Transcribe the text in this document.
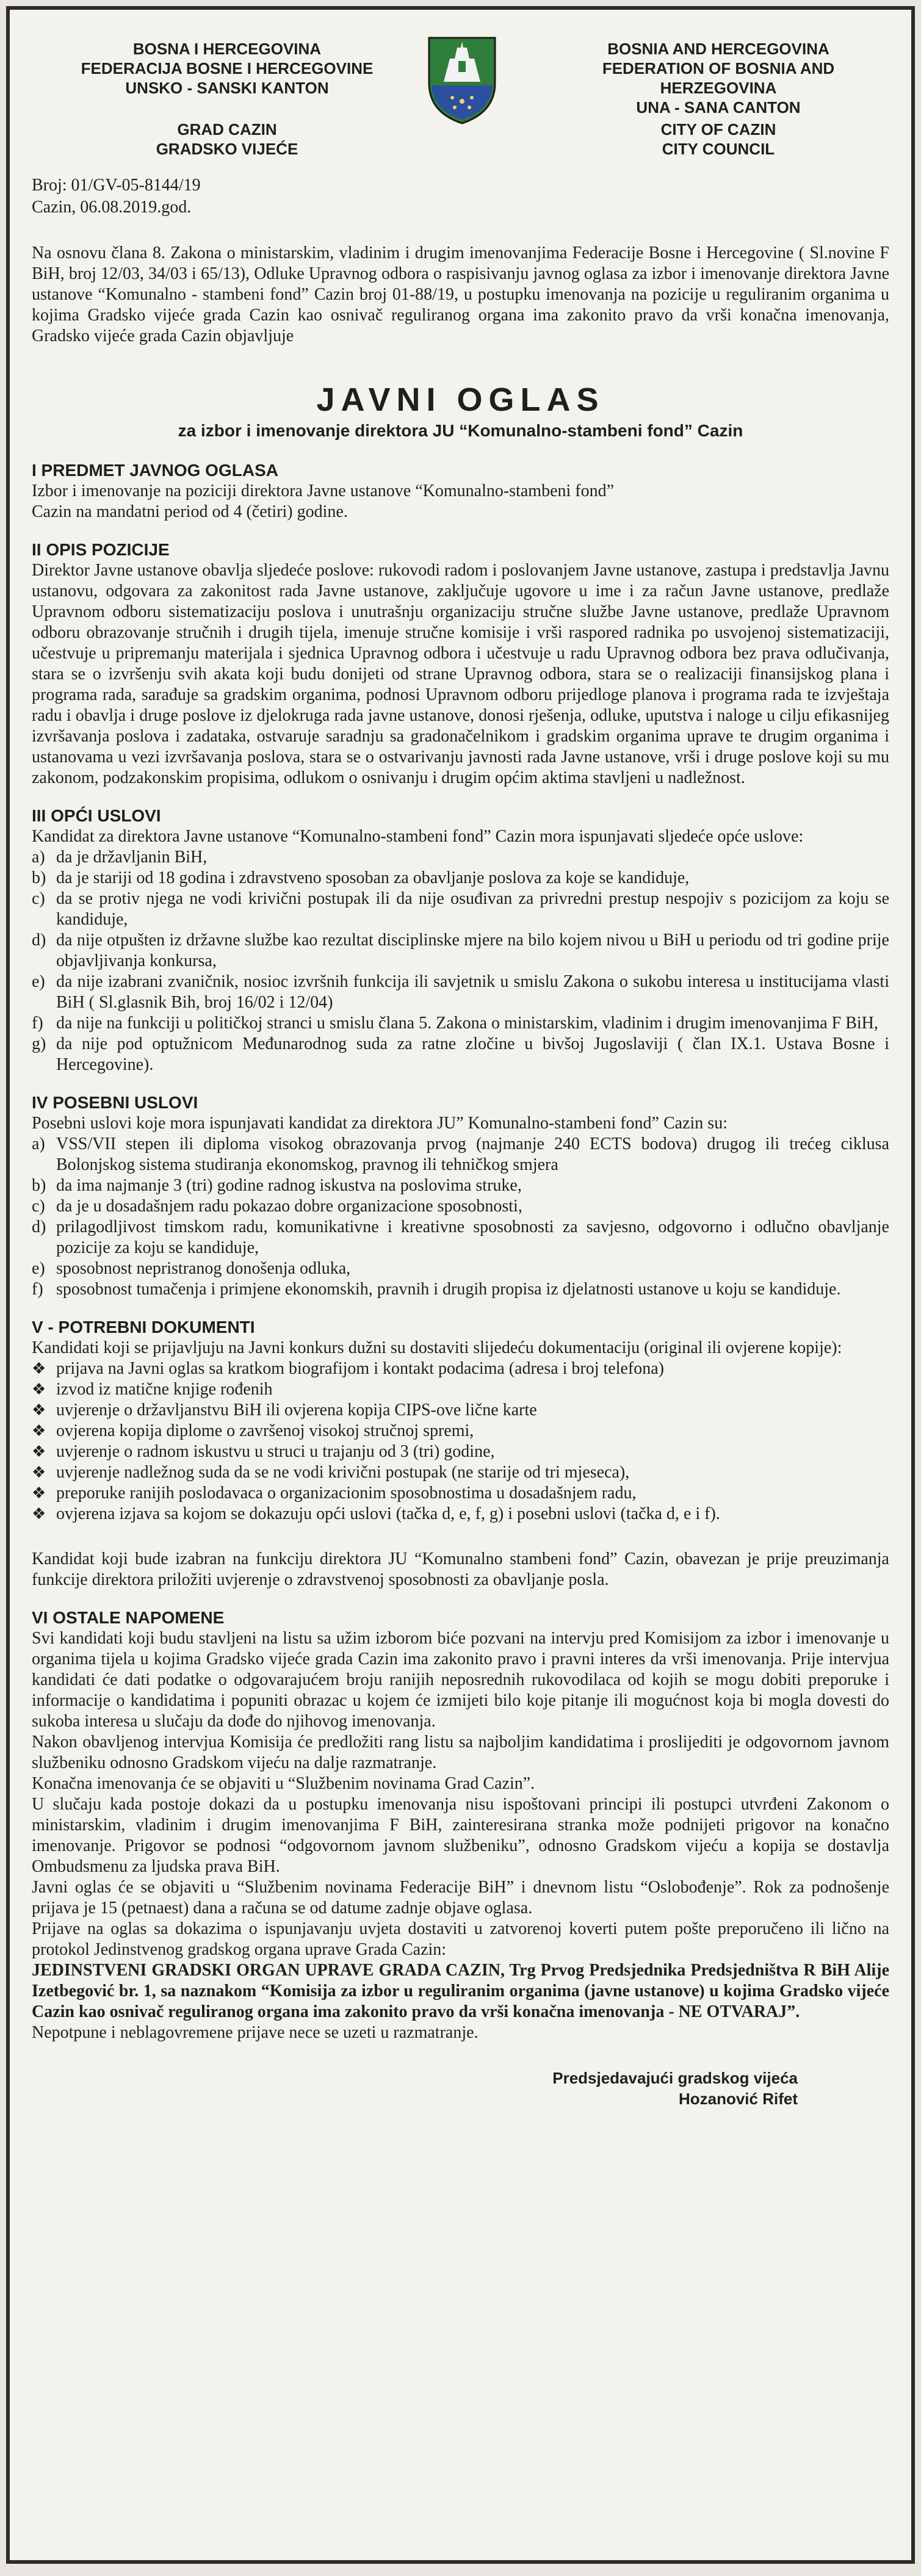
BOSNA I HERCEGOVINA
FEDERACIJA BOSNE I HERCEGOVINE
UNSKO - SANSKI KANTON
GRAD CAZIN
GRADSKO VIJEĆE
BOSNIA AND HERCEGOVINA
FEDERATION OF BOSNIA AND HERZEGOVINA
UNA - SANA CANTON
CITY OF CAZIN
CITY COUNCIL
Broj: 01/GV-05-8144/19
Cazin, 06.08.2019.god.

Na osnovu člana 8. Zakona o ministarskim, vladinim i drugim imenovanjima Federacije Bosne i Hercegovine ( Sl.novine F BiH, broj 12/03, 34/03 i 65/13), Odluke Upravnog odbora o raspisivanju javnog oglasa za izbor i imenovanje direktora Javne ustanove “Komunalno - stambeni fond” Cazin broj 01-88/19, u postupku imenovanja na pozicije u reguliranim organima u kojima Gradsko vijeće grada Cazin kao osnivač reguliranog organa ima zakonito pravo da vrši konačna imenovanja, Gradsko vijeće grada Cazin objavljuje

JAVNI OGLAS
za izbor i imenovanje direktora JU “Komunalno-stambeni fond” Cazin
I PREDMET JAVNOG OGLASA

Izbor i imenovanje na poziciji direktora Javne ustanove “Komunalno-stambeni fond”

Cazin na mandatni period od 4 (četiri) godine.

II OPIS POZICIJE

Direktor Javne ustanove obavlja sljedeće poslove: rukovodi radom i poslovanjem Javne ustanove, zastupa i predstavlja Javnu ustanovu, odgovara za zakonitost rada Javne ustanove, zaključuje ugovore u ime i za račun Javne ustanove, predlaže Upravnom odboru sistematizaciju poslova i unutrašnju organizaciju stručne službe Javne ustanove, predlaže Upravnom odboru obrazovanje stručnih i drugih tijela, imenuje stručne komisije i vrši raspored radnika po usvojenoj sistematizaciji, učestvuje u pripremanju materijala i sjednica Upravnog odbora i učestvuje u radu Upravnog odbora bez prava odlučivanja, stara se o izvršenju svih akata koji budu donijeti od strane Upravnog odbora, stara se o realizaciji finansijskog plana i programa rada, sarađuje sa gradskim organima, podnosi Upravnom odboru prijedloge planova i programa rada te izvještaja radu i obavlja i druge poslove iz djelokruga rada javne ustanove, donosi rješenja, odluke, uputstva i naloge u cilju efikasnijeg izvršavanja poslova i zadataka, ostvaruje saradnju sa gradonačelnikom i gradskim organima uprave te drugim organima i ustanovama u vezi izvršavanja poslova, stara se o ostvarivanju javnosti rada Javne ustanove, vrši i druge poslove koji su mu zakonom, podzakonskim propisima, odlukom o osnivanju i drugim općim aktima stavljeni u nadležnost.

III OPĆI USLOVI

Kandidat za direktora Javne ustanove “Komunalno-stambeni fond” Cazin mora ispunjavati sljedeće opće uslove:

a) da je državljanin BiH,
b) da je stariji od 18 godina i zdravstveno sposoban za obavljanje poslova za koje se kandiduje,
c) da se protiv njega ne vodi krivični postupak ili da nije osuđivan za privredni prestup nespojiv s pozicijom za koju se kandiduje,
d) da nije otpušten iz državne službe kao rezultat disciplinske mjere na bilo kojem nivou u BiH u periodu od tri godine prije objavljivanja konkursa,
e) da nije izabrani zvaničnik, nosioc izvršnih funkcija ili savjetnik u smislu Zakona o sukobu interesa u institucijama vlasti BiH ( Sl.glasnik Bih, broj 16/02 i 12/04)
f) da nije na funkciji u političkoj stranci u smislu člana 5. Zakona o ministarskim, vladinim i drugim imenovanjima F BiH,
g) da nije pod optužnicom Međunarodnog suda za ratne zločine u bivšoj Jugoslaviji ( član IX.1. Ustava Bosne i Hercegovine).
IV POSEBNI USLOVI

Posebni uslovi koje mora ispunjavati kandidat za direktora JU” Komunalno-stambeni fond” Cazin su:

a) VSS/VII stepen ili diploma visokog obrazovanja prvog (najmanje 240 ECTS bodova) drugog ili trećeg ciklusa Bolonjskog sistema studiranja ekonomskog, pravnog ili tehničkog smjera
b) da ima najmanje 3 (tri) godine radnog iskustva na poslovima struke,
c) da je u dosadašnjem radu pokazao dobre organizacione sposobnosti,
d) prilagodljivost timskom radu, komunikativne i kreativne sposobnosti za savjesno, odgovorno i odlučno obavljanje pozicije za koju se kandiduje,
e) sposobnost nepristranog donošenja odluka,
f) sposobnost tumačenja i primjene ekonomskih, pravnih i drugih propisa iz djelatnosti ustanove u koju se kandiduje.
V - POTREBNI DOKUMENTI

Kandidati koji se prijavljuju na Javni konkurs dužni su dostaviti slijedeću dokumentaciju (original ili ovjerene kopije):

❖ prijava na Javni oglas sa kratkom biografijom i kontakt podacima (adresa i broj telefona)
❖ izvod iz matične knjige rođenih
❖ uvjerenje o državljanstvu BiH ili ovjerena kopija CIPS-ove lične karte
❖ ovjerena kopija diplome o završenoj visokoj stručnoj spremi,
❖ uvjerenje o radnom iskustvu u struci u trajanju od 3 (tri) godine,
❖ uvjerenje nadležnog suda da se ne vodi krivični postupak (ne starije od tri mjeseca),
❖ preporuke ranijih poslodavaca o organizacionim sposobnostima u dosadašnjem radu,
❖ ovjerena izjava sa kojom se dokazuju opći uslovi (tačka d, e, f, g) i posebni uslovi (tačka d, e i f).

Kandidat koji bude izabran na funkciju direktora JU “Komunalno stambeni fond” Cazin, obavezan je prije preuzimanja funkcije direktora priložiti uvjerenje o zdravstvenoj sposobnosti za obavljanje posla.

VI OSTALE NAPOMENE

Svi kandidati koji budu stavljeni na listu sa užim izborom biće pozvani na intervju pred Komisijom za izbor i imenovanje u organima tijela u kojima Gradsko vijeće grada Cazin ima zakonito pravo i pravni interes da vrši imenovanja. Prije intervjua kandidati će dati podatke o odgovarajućem broju ranijih neposrednih rukovodilaca od kojih se mogu dobiti preporuke i informacije o kandidatima i popuniti obrazac u kojem će izmijeti bilo koje pitanje ili mogućnost koja bi mogla dovesti do sukoba interesa u slučaju da dođe do njihovog imenovanja.

Nakon obavljenog intervjua Komisija će predložiti rang listu sa najboljim kandidatima i proslijediti je odgovornom javnom službeniku odnosno Gradskom vijeću na dalje razmatranje.

Konačna imenovanja će se objaviti u “Službenim novinama Grad Cazin”.

U slučaju kada postoje dokazi da u postupku imenovanja nisu ispoštovani principi ili postupci utvrđeni Zakonom o ministarskim, vladinim i drugim imenovanjima F BiH, zainteresirana stranka može podnijeti prigovor na konačno imenovanje. Prigovor se podnosi “odgovornom javnom službeniku”, odnosno Gradskom vijeću a kopija se dostavlja Ombudsmenu za ljudska prava BiH.

Javni oglas će se objaviti u “Službenim novinama Federacije BiH” i dnevnom listu “Oslobođenje”. Rok za podnošenje prijava je 15 (petnaest) dana a računa se od datume zadnje objave oglasa.

Prijave na oglas sa dokazima o ispunjavanju uvjeta dostaviti u zatvorenoj koverti putem pošte preporučeno ili lično na protokol Jedinstvenog gradskog organa uprave Grada Cazin:

JEDINSTVENI GRADSKI ORGAN UPRAVE GRADA CAZIN, Trg Prvog Predsjednika Predsjedništva R BiH Alije Izetbegović br. 1, sa naznakom “Komisija za izbor u reguliranim organima (javne ustanove) u kojima Gradsko vijeće Cazin kao osnivač reguliranog organa ima zakonito pravo da vrši konačna imenovanja - NE OTVARAJ”.

Nepotpune i neblagovremene prijave nece se uzeti u razmatranje.

Predsjedavajući gradskog vijeća
Hozanović Rifet
